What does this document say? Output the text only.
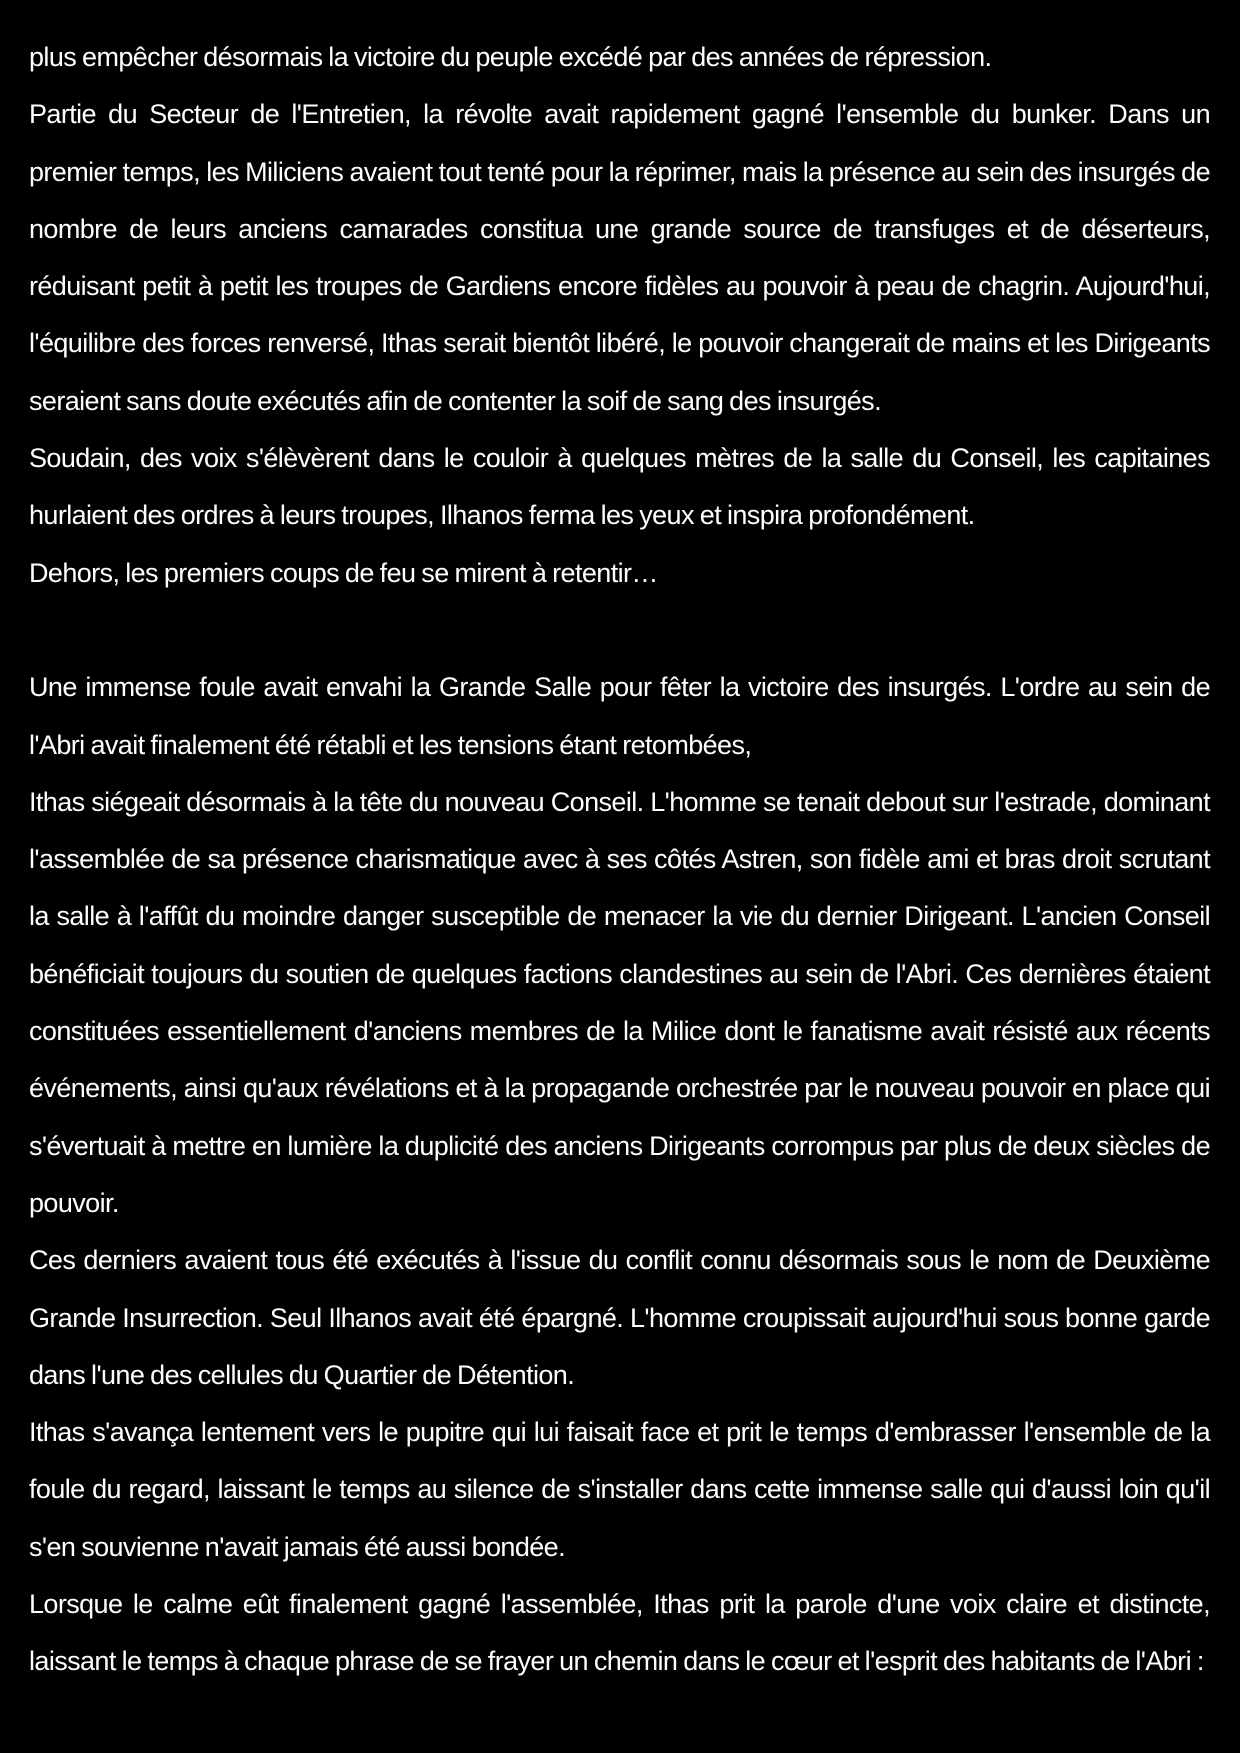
plus empêcher désormais la victoire du peuple excédé par des années de répression.

Partie du Secteur de l'Entretien, la révolte avait rapidement gagné l'ensemble du bunker. Dans un premier temps, les Miliciens avaient tout tenté pour la réprimer, mais la présence au sein des insurgés de nombre de leurs anciens camarades constitua une grande source de transfuges et de déserteurs, réduisant petit à petit les troupes de Gardiens encore fidèles au pouvoir à peau de chagrin. Aujourd'hui, l'équilibre des forces renversé, Ithas serait bientôt libéré, le pouvoir changerait de mains et les Dirigeants seraient sans doute exécutés afin de contenter la soif de sang des insurgés.

Soudain, des voix s'élèvèrent dans le couloir à quelques mètres de la salle du Conseil, les capitaines hurlaient des ordres à leurs troupes, Ilhanos ferma les yeux et inspira profondément.

Dehors, les premiers coups de feu se mirent à retentir…

Une immense foule avait envahi la Grande Salle pour fêter la victoire des insurgés. L'ordre au sein de l'Abri avait finalement été rétabli et les tensions étant retombées,

Ithas siégeait désormais à la tête du nouveau Conseil. L'homme se tenait debout sur l'estrade, dominant l'assemblée de sa présence charismatique avec à ses côtés Astren, son fidèle ami et bras droit scrutant la salle à l'affût du moindre danger susceptible de menacer la vie du dernier Dirigeant. L'ancien Conseil bénéficiait toujours du soutien de quelques factions clandestines au sein de l'Abri. Ces dernières étaient constituées essentiellement d'anciens membres de la Milice dont le fanatisme avait résisté aux récents événements, ainsi qu'aux révélations et à la propagande orchestrée par le nouveau pouvoir en place qui s'évertuait à mettre en lumière la duplicité des anciens Dirigeants corrompus par plus de deux siècles de pouvoir.

Ces derniers avaient tous été exécutés à l'issue du conflit connu désormais sous le nom de Deuxième Grande Insurrection. Seul Ilhanos avait été épargné. L'homme croupissait aujourd'hui sous bonne garde dans l'une des cellules du Quartier de Détention.

Ithas s'avança lentement vers le pupitre qui lui faisait face et prit le temps d'embrasser l'ensemble de la foule du regard, laissant le temps au silence de s'installer dans cette immense salle qui d'aussi loin qu'il s'en souvienne n'avait jamais été aussi bondée.

Lorsque le calme eût finalement gagné l'assemblée, Ithas prit la parole d'une voix claire et distincte, laissant le temps à chaque phrase de se frayer un chemin dans le cœur et l'esprit des habitants de l'Abri :
